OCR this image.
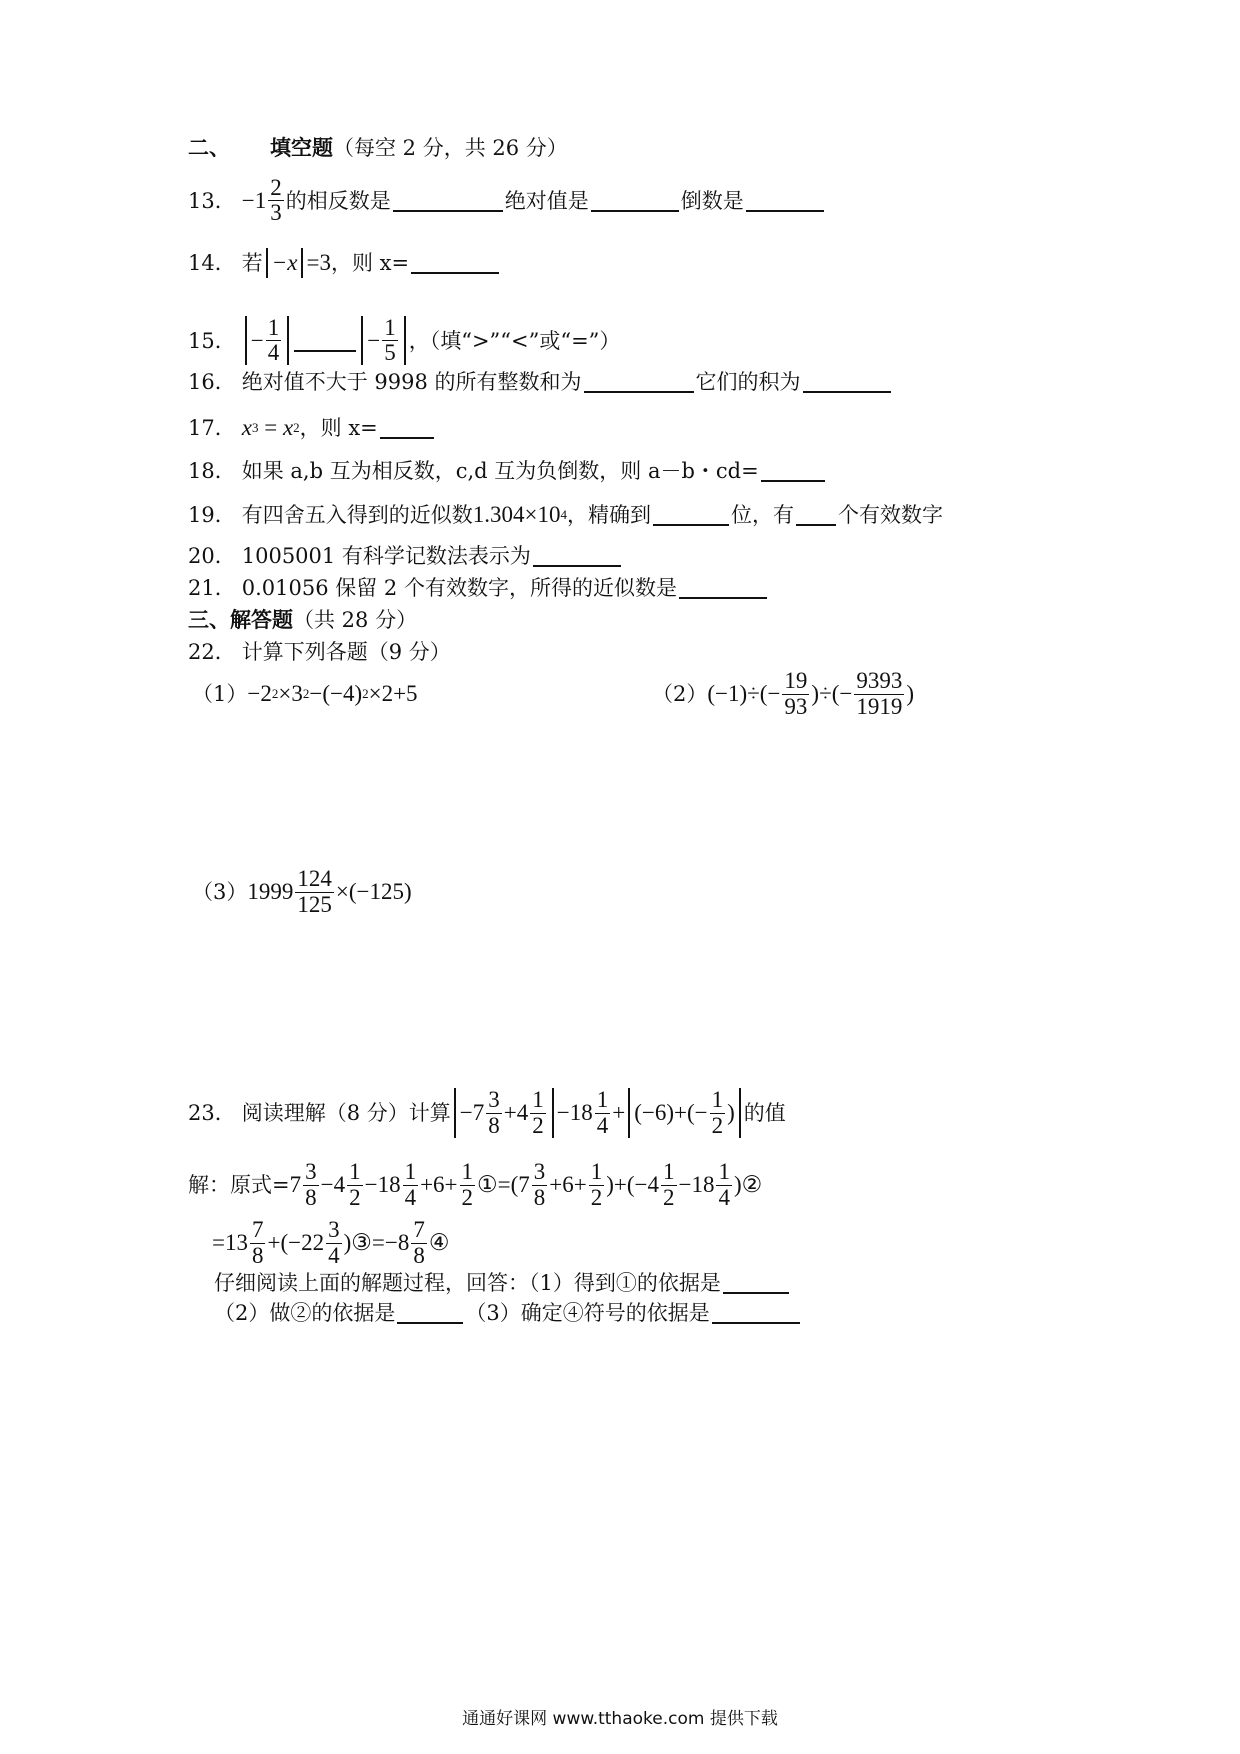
二、	填空题 （每空 2 分，共 26 分）
13． $-1 \frac{2}{3}$ 的相反数是	绝对值是	倒数是
14． 若 −x =3 ，则 x=
15． − $\frac{1}{4}$	− $\frac{1}{5}$ ，（填“>”“<”或“=”）
16． 绝对值不大于 9998 的所有整数和为	它们的积为
17． x 3 = x 2 ，则 x=
18． 如果 a,b 互为相反数，c,d 互为负倒数，则 a－b・cd=
19． 有四舍五入得到的近似数 1.304×10 4 ，精确到	位，有 个有效数字
20． 1005001 有科学记数法表示为
21． 0.01056 保留 2 个有效数字，所得的近似数是
三、 解答题 （共 28 分）
22． 计算下列各题（9 分）
（1） −2 2 ×3 2 −(−4) 2 ×2+5	（2） $(-1)\div(- \frac{19}{93}$ )÷(− $\frac{9393}{1919}$ )
（3） $1999 \frac{124}{125} \times(-125)$
23． 阅读理解（8 分）计算 $-7 \frac{3}{8} +4 \frac{1}{2} -18 \frac{1}{4} + (-6)+(- \frac{1}{2}$ ) 的值
解：原式= $7 \frac{3}{8} -4 \frac{1}{2} -18 \frac{1}{4} +6+ \frac{1}{2}$ ①=(7 $\frac{3}{8} +6+ \frac{1}{2} )+(-4 \frac{1}{2} -18 \frac{1}{4}$ )②
$=13 \frac{7}{8} +(-22 \frac{3}{4}$ )③=−8 $\frac{7}{8}$ ④
仔细阅读上面的解题过程，回答：（1）得到①的依据是
（2）做②的依据是	（3）确定④符号的依据是
通通好课网 www.tthaoke.com 提供下载
